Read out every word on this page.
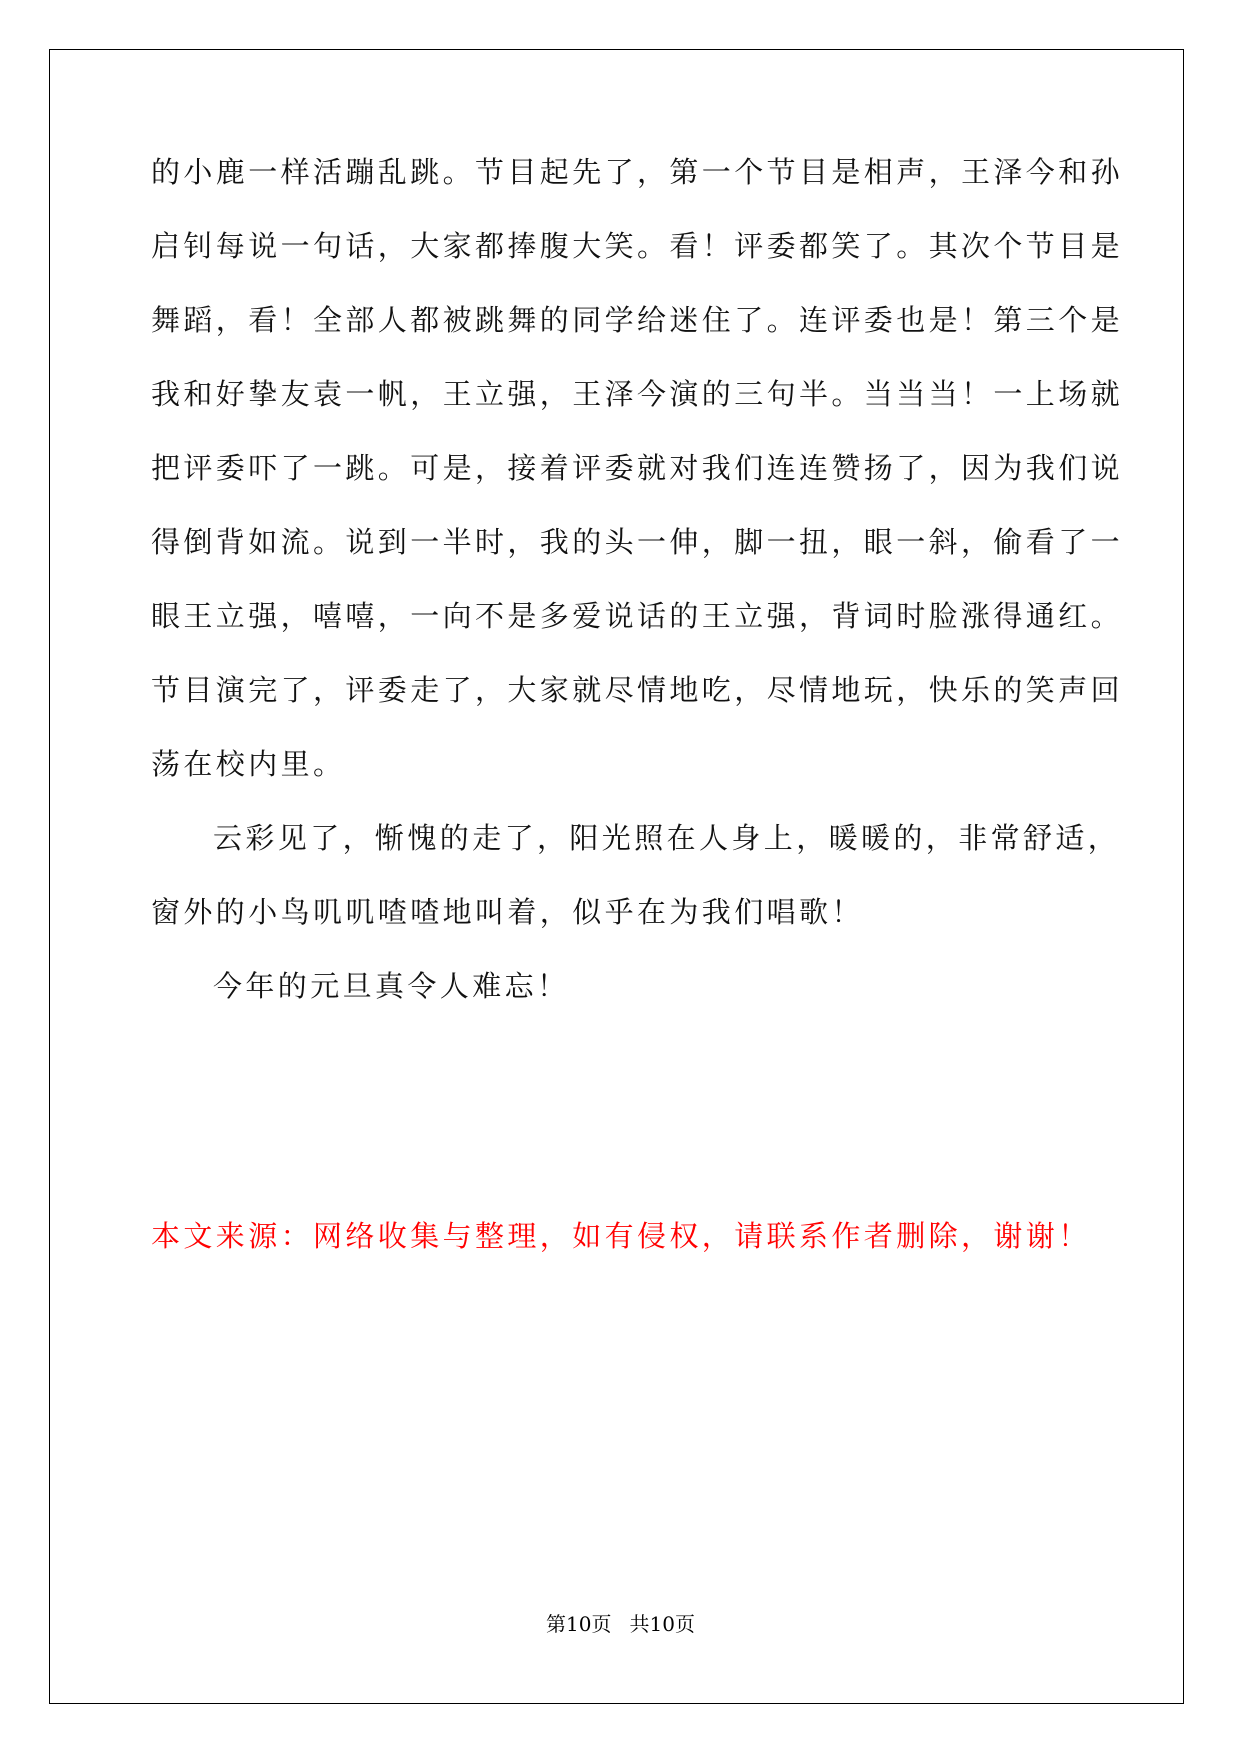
的小鹿一样活蹦乱跳。节目起先了，第一个节目是相声，王泽今和孙
启钊每说一句话，大家都捧腹大笑。看！评委都笑了。其次个节目是
舞蹈，看！全部人都被跳舞的同学给迷住了。连评委也是！第三个是
我和好挚友袁一帆，王立强，王泽今演的三句半。当当当！一上场就
把评委吓了一跳。可是，接着评委就对我们连连赞扬了，因为我们说
得倒背如流。说到一半时，我的头一伸，脚一扭，眼一斜，偷看了一
眼王立强，嘻嘻，一向不是多爱说话的王立强，背词时脸涨得通红。
节目演完了，评委走了，大家就尽情地吃，尽情地玩，快乐的笑声回
荡在校内里。
云彩见了，惭愧的走了，阳光照在人身上，暖暖的，非常舒适，
窗外的小鸟叽叽喳喳地叫着，似乎在为我们唱歌！
今年的元旦真令人难忘！
本文来源：网络收集与整理，如有侵权，请联系作者删除，谢谢！
第10页 共10页
